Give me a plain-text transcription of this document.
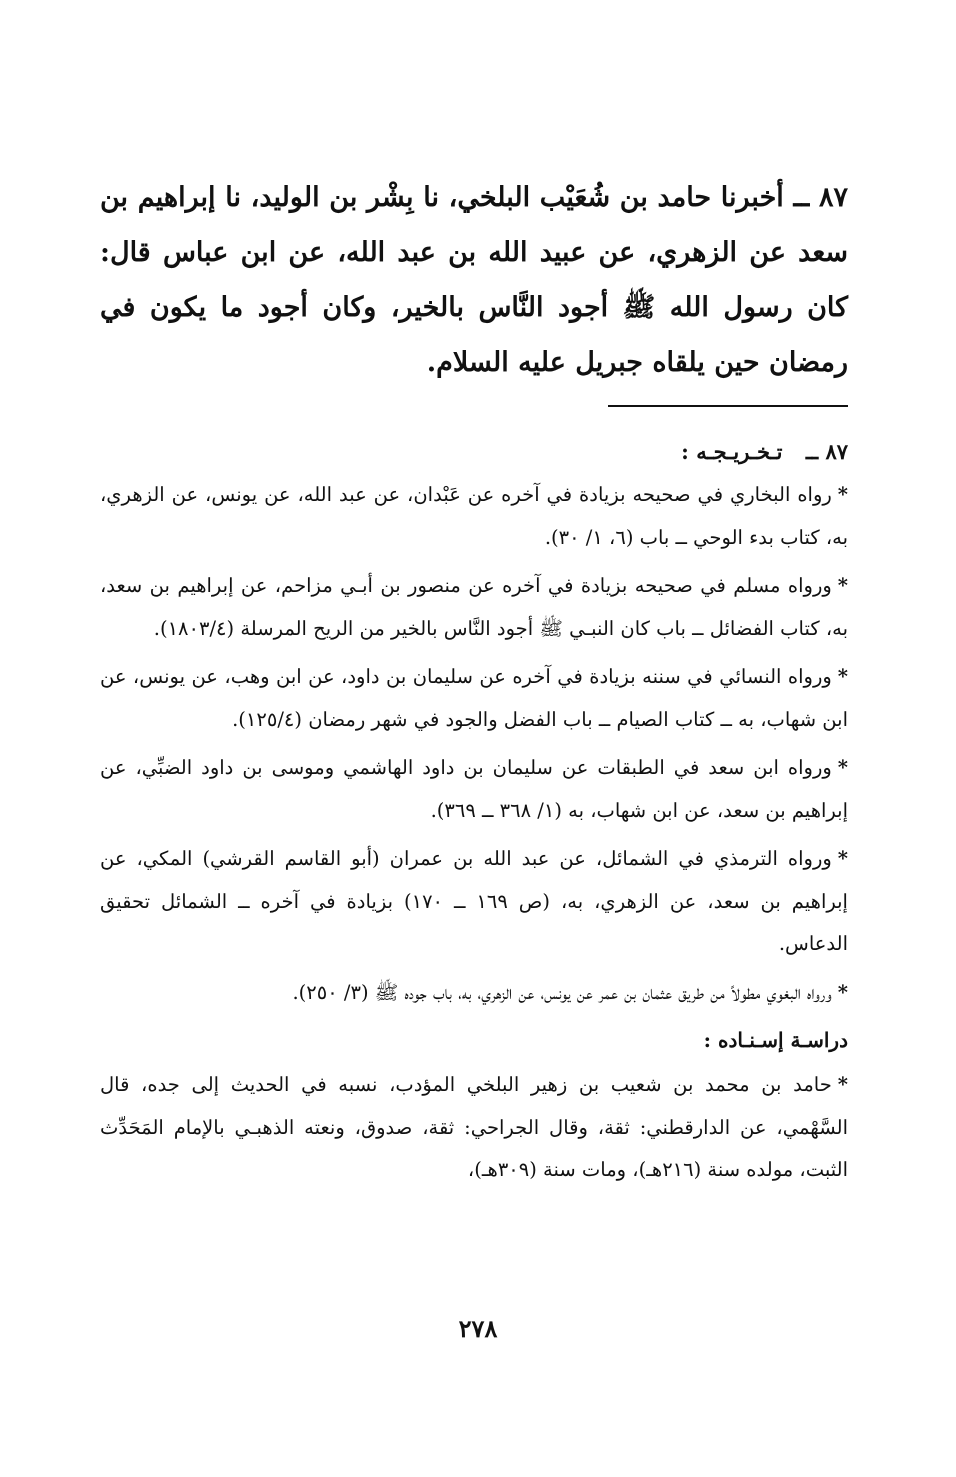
٨٧ ــ أخبرنا حامد بن شُعَيْب البلخي، نا بِشْر بن الوليد، نا إبراهيم بن سعد عن الزهري، عن عبيد الله بن عبد الله، عن ابن عباس قال: كان رسول الله ﷺ أجود النَّاس بالخير، وكان أجود ما يكون في رمضان حين يلقاه جبريل عليه السلام.

٨٧ ــ تـخـريـجـه :

*رواه البخاري في صحيحه بزيادة في آخره عن عَبْدان، عن عبد الله، عن يونس، عن الزهري، به، كتاب بدء الوحي ــ باب (٦، ١/ ٣٠).

*ورواه مسلم في صحيحه بزيادة في آخره عن منصور بن أبـي مزاحم، عن إبراهيم بن سعد، به، كتاب الفضائل ــ باب كان النبـي ﷺ أجود النَّاس بالخير من الريح المرسلة (١٨٠٣/٤).

*ورواه النسائي في سننه بزيادة في آخره عن سليمان بن داود، عن ابن وهب، عن يونس، عن ابن شهاب، به ــ كتاب الصيام ــ باب الفضل والجود في شهر رمضان (١٢٥/٤).

*ورواه ابن سعد في الطبقات عن سليمان بن داود الهاشمي وموسى بن داود الضبِّي، عن إبراهيم بن سعد، عن ابن شهاب، به (١/ ٣٦٨ ــ ٣٦٩).

*ورواه الترمذي في الشمائل، عن عبد الله بن عمران (أبو القاسم القرشي) المكي، عن إبراهيم بن سعد، عن الزهري، به، (ص ١٦٩ ــ ١٧٠) بزيادة في آخره ــ الشمائل تحقيق الدعاس.

*ورواه البغوي مطولاً من طريق عثمان بن عمر عن يونس، عن الزهري، به، باب جوده ﷺ (٣/ ٢٥٠).

دراسـة إسـنـاده :

*حامد بن محمد بن شعيب بن زهير البلخي المؤدب، نسبه في الحديث إلى جده، قال السَّهْمي، عن الدارقطني: ثقة، وقال الجراحي: ثقة، صدوق، ونعته الذهبـي بالإمام المَحَدِّث الثبت، مولده سنة (٢١٦هـ)، ومات سنة (٣٠٩هـ)،

٢٧٨
